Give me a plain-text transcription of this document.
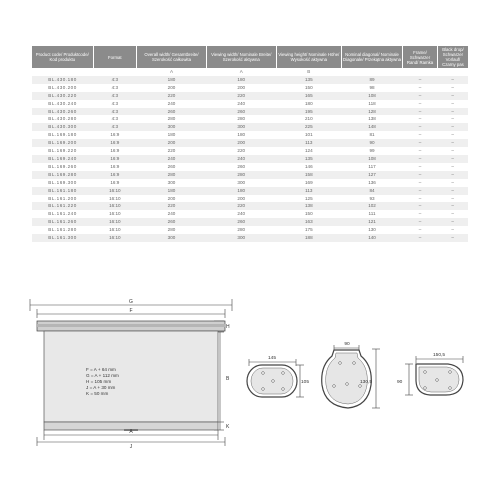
Product code/ Produktcode/ Kod produktu	Format	Overall width/ Gesamtbreite/ Szerokość całkowita	Viewing width/ Nominale Breite/ Szerokość aktywna	Viewing height/ Nominale Höhe/ Wysokość aktywna	Nominal diagonal/ Nominale Diagonale/ Przekątna aktywna	Frame/ Schwarzer Rand/ Ramka	Black drop/ Schwarzer Vorlauf/ Czarny pas
		A	A	B			
BL.430.180	4:3	180	180	135	89	–	–
BL.430.200	4:3	200	200	150	98	–	–
BL.430.220	4:3	220	220	165	108	–	–
BL.430.240	4:3	240	240	180	118	–	–
BL.430.260	4:3	260	260	195	128	–	–
BL.430.280	4:3	280	280	210	138	–	–
BL.430.300	4:3	300	300	225	148	–	–
BL.169.180	16:9	180	180	101	81	–	–
BL.169.200	16:9	200	200	113	90	–	–
BL.169.220	16:9	220	220	124	99	–	–
BL.169.240	16:9	240	240	135	108	–	–
BL.169.260	16:9	260	260	146	117	–	–
BL.169.280	16:9	280	280	158	127	–	–
BL.169.300	16:9	300	300	169	136	–	–
BL.161.180	16:10	180	180	113	84	–	–
BL.161.200	16:10	200	200	125	93	–	–
BL.161.220	16:10	220	220	138	102	–	–
BL.161.240	16:10	240	240	150	111	–	–
BL.161.260	16:10	260	260	163	121	–	–
BL.161.280	16:10	280	280	175	130	–	–
BL.161.300	16:10	300	300	188	140	–	–
G
F
H
B
K
A
J
F = A + 64 mm
G = A + 112 mm
H = 105 mm
J = A + 30 mm
K = 50 mm
145
105
90
130,5
150,5
90
